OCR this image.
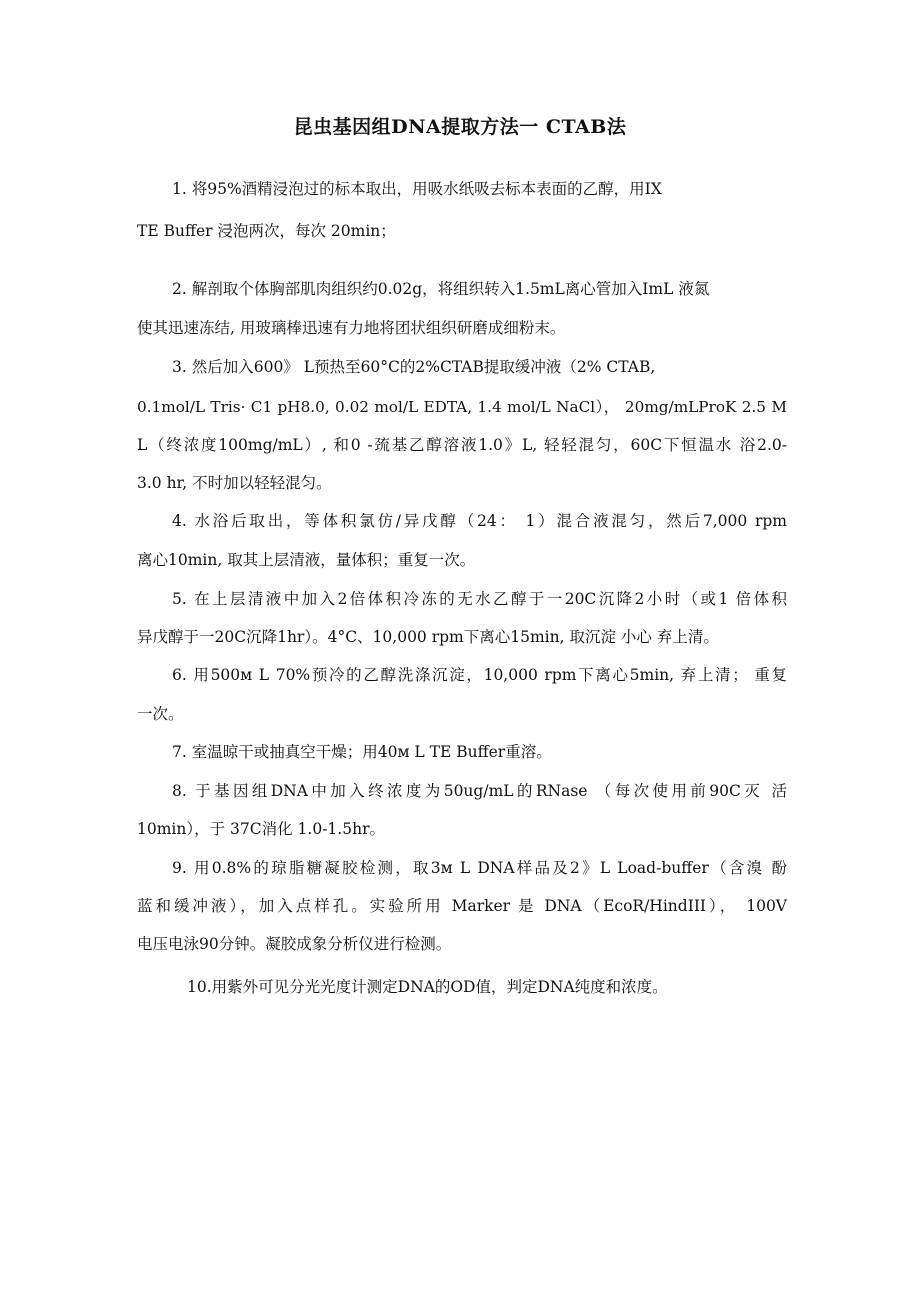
昆虫基因组DNA提取方法一 CTAB法
1. 将95%酒精浸泡过的标本取出，用吸水纸吸去标本表面的乙醇，用IX
TE Buffer 浸泡两次，每次 20min；
2. 解剖取个体胸部肌肉组织约0.02g，将组织转入1.5mL离心管加入ImL 液氮
使其迅速冻结, 用玻璃棒迅速有力地将团状组织研磨成细粉末。
3. 然后加入600》 L预热至60°C的2%CTAB提取缓冲液（2% CTAB,
0.1mol/L Tris· C1 pH8.0, 0.02 mol/L EDTA, 1.4 mol/L NaCl）， 20mg/mLProK 2.5 M
L（终浓度100mg/mL）, 和0 -巯基乙醇溶液1.0》L, 轻轻混匀，60C下恒温水 浴2.0-
3.0 hr, 不时加以轻轻混匀。
4. 水浴后取出，等体积氯仿/异戊醇（24： 1）混合液混匀，然后7,000 rpm
离心10min, 取其上层清液，量体积；重复一次。
5. 在上层清液中加入2倍体积冷冻的无水乙醇于一20C沉降2小时（或1 倍体积
异戊醇于一20C沉降1hr）。4°C、10,000 rpm下离心15min, 取沉淀 小心 弃上清。
6. 用500м L 70%预冷的乙醇洗涤沉淀，10,000 rpm下离心5min, 弃上清； 重复
一次。
7. 室温晾干或抽真空干燥；用40м L TE Buffer重溶。
8. 于基因组DNA中加入终浓度为50ug/mL的RNase （每次使用前90C灭 活
10min），于 37C消化 1.0-1.5hr。
9. 用0.8%的琼脂糖凝胶检测，取3м L DNA样品及2》L Load-buffer（含溴 酚
蓝和缓冲液），加入点样孔。实验所用 Marker 是 DNA（EcoR/HindIII）， 100V
电压电泳90分钟。凝胶成象分析仪进行检测。
10.用紫外可见分光光度计测定DNA的OD值，判定DNA纯度和浓度。
